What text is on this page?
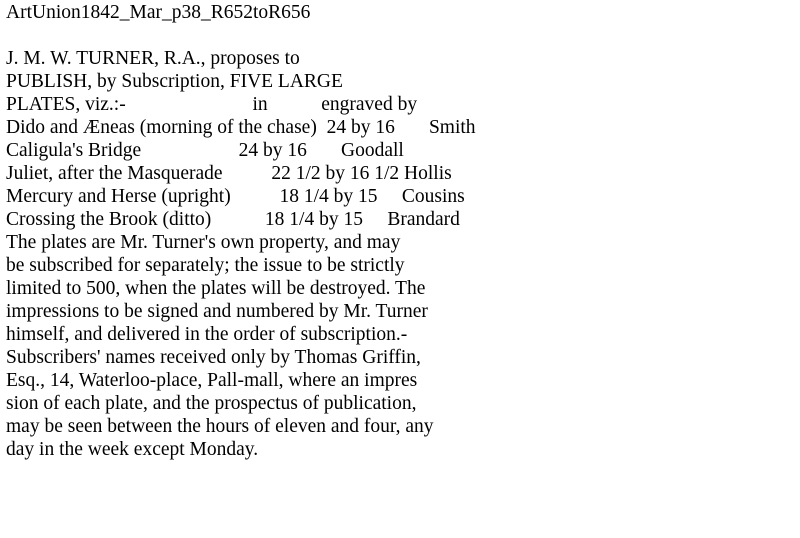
ArtUnion1842_Mar_p38_R652toR656
J. M. W. TURNER, R.A., proposes to
PUBLISH, by Subscription, FIVE LARGE
PLATES, viz.:-                          in           engraved by
Dido and Æneas (morning of the chase)  24 by 16       Smith
Caligula's Bridge                    24 by 16       Goodall
Juliet, after the Masquerade          22 1/2 by 16 1/2 Hollis
Mercury and Herse (upright)          18 1/4 by 15     Cousins
Crossing the Brook (ditto)           18 1/4 by 15     Brandard
The plates are Mr. Turner's own property, and may
be subscribed for separately; the issue to be strictly
limited to 500, when the plates will be destroyed. The
impressions to be signed and numbered by Mr. Turner
himself, and delivered in the order of subscription.-
Subscribers' names received only by Thomas Griffin,
Esq., 14, Waterloo-place, Pall-mall, where an impres
sion of each plate, and the prospectus of publication,
may be seen between the hours of eleven and four, any
day in the week except Monday.
